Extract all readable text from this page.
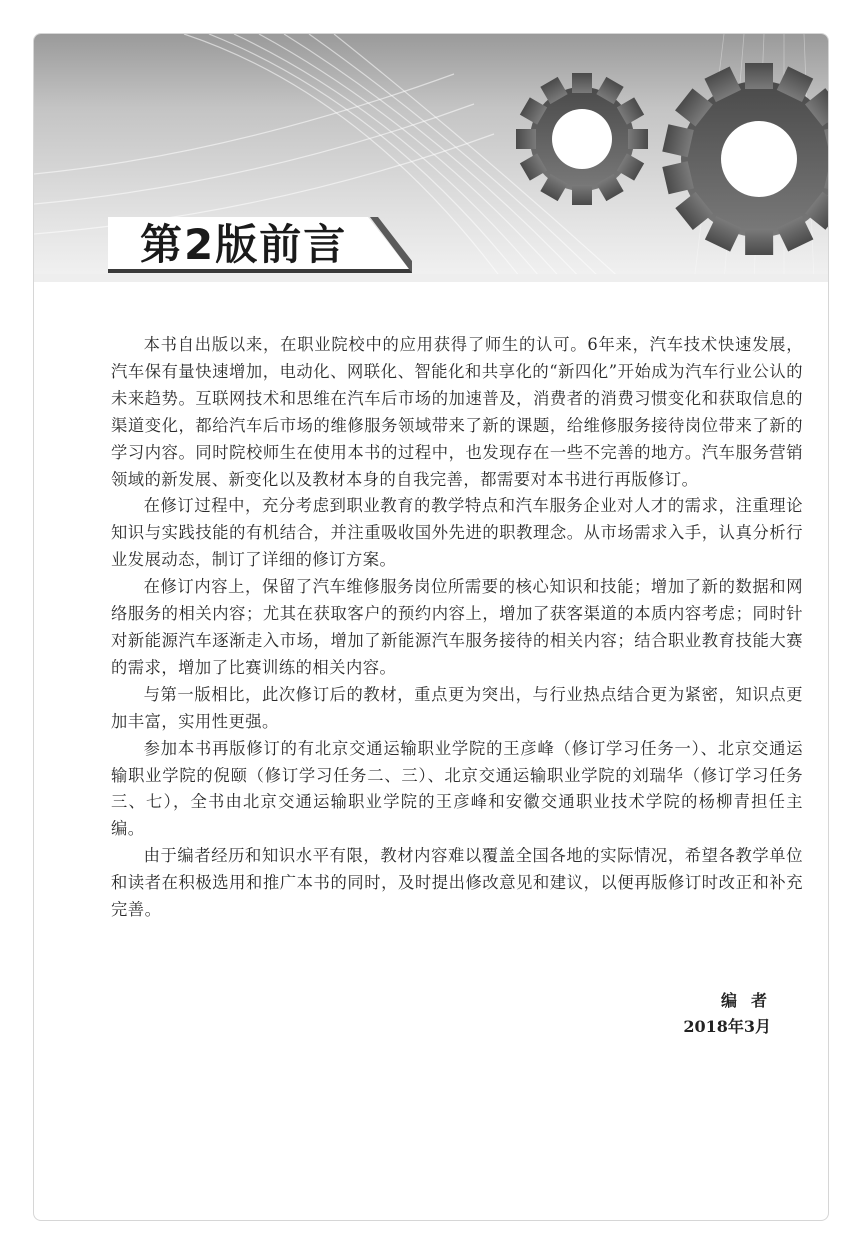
第2版前言

本书自出版以来，在职业院校中的应用获得了师生的认可。6年来，汽车技术快速发展，汽车保有量快速增加，电动化、网联化、智能化和共享化的“新四化”开始成为汽车行业公认的未来趋势。互联网技术和思维在汽车后市场的加速普及，消费者的消费习惯变化和获取信息的渠道变化，都给汽车后市场的维修服务领域带来了新的课题，给维修服务接待岗位带来了新的学习内容。同时院校师生在使用本书的过程中，也发现存在一些不完善的地方。汽车服务营销领域的新发展、新变化以及教材本身的自我完善，都需要对本书进行再版修订。

在修订过程中，充分考虑到职业教育的教学特点和汽车服务企业对人才的需求，注重理论知识与实践技能的有机结合，并注重吸收国外先进的职教理念。从市场需求入手，认真分析行业发展动态，制订了详细的修订方案。

在修订内容上，保留了汽车维修服务岗位所需要的核心知识和技能；增加了新的数据和网络服务的相关内容；尤其在获取客户的预约内容上，增加了获客渠道的本质内容考虑；同时针对新能源汽车逐渐走入市场，增加了新能源汽车服务接待的相关内容；结合职业教育技能大赛的需求，增加了比赛训练的相关内容。

与第一版相比，此次修订后的教材，重点更为突出，与行业热点结合更为紧密，知识点更加丰富，实用性更强。

参加本书再版修订的有北京交通运输职业学院的王彦峰（修订学习任务一）、北京交通运输职业学院的倪颐（修订学习任务二、三）、北京交通运输职业学院的刘瑞华（修订学习任务三、七），全书由北京交通运输职业学院的王彦峰和安徽交通职业技术学院的杨柳青担任主编。

由于编者经历和知识水平有限，教材内容难以覆盖全国各地的实际情况，希望各教学单位和读者在积极选用和推广本书的同时，及时提出修改意见和建议，以便再版修订时改正和补充完善。

编者
2018年3月
